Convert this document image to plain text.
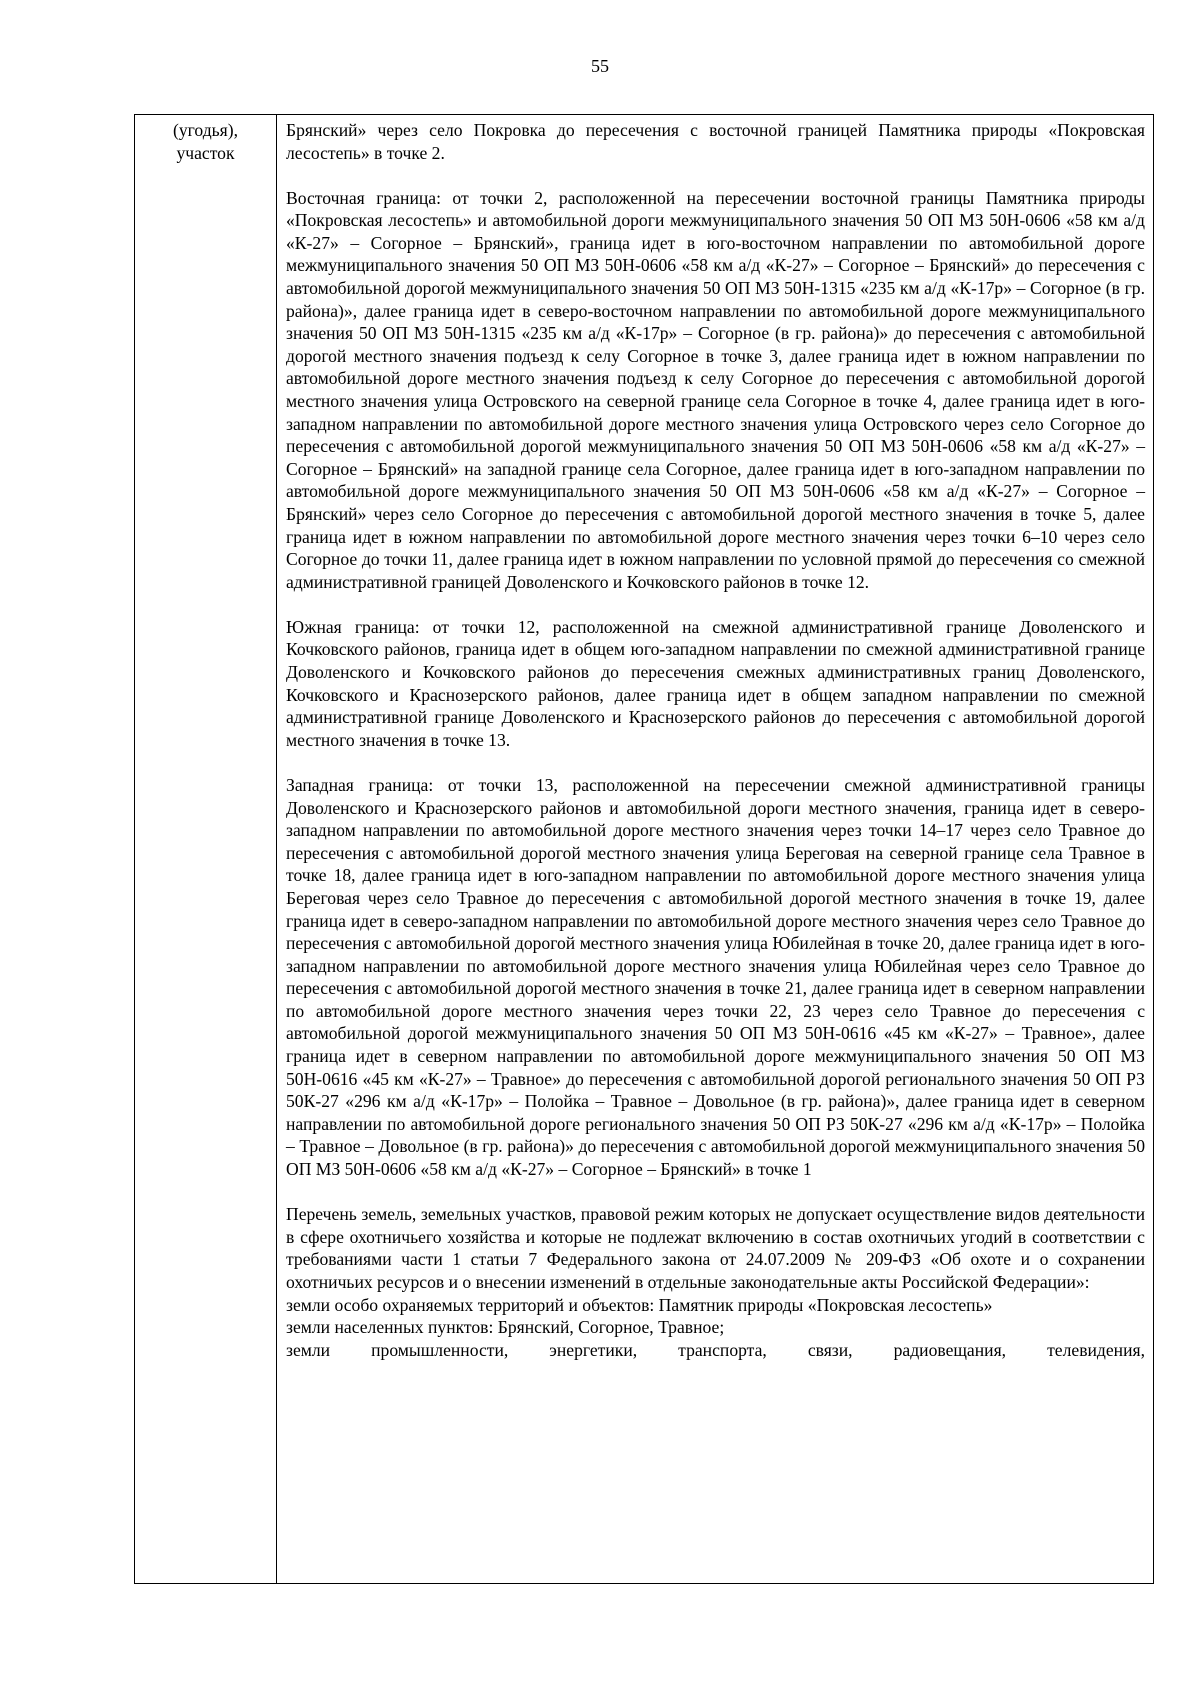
55
(угодья),
участок

Брянский» через село Покровка до пересечения с восточной границей Памятника природы «Покровская лесостепь» в точке 2.

Восточная граница: от точки 2, расположенной на пересечении восточной границы Памятника природы «Покровская лесостепь» и автомобильной дороги межмуниципального значения 50 ОП МЗ 50Н-0606 «58 км а/д «К-27» – Согорное – Брянский», граница идет в юго-восточном направлении по автомобильной дороге межмуниципального значения 50 ОП МЗ 50Н-0606 «58 км а/д «К-27» – Согорное – Брянский» до пересечения с автомобильной дорогой межмуниципального значения 50 ОП МЗ 50Н-1315 «235 км а/д «К-17р» – Согорное (в гр. района)», далее граница идет в северо-восточном направлении по автомобильной дороге межмуниципального значения 50 ОП МЗ 50Н-1315 «235 км а/д «К-17р» – Согорное (в гр. района)» до пересечения с автомобильной дорогой местного значения подъезд к селу Согорное в точке 3, далее граница идет в южном направлении по автомобильной дороге местного значения подъезд к селу Согорное до пересечения с автомобильной дорогой местного значения улица Островского на северной границе села Согорное в точке 4, далее граница идет в юго-западном направлении по автомобильной дороге местного значения улица Островского через село Согорное до пересечения с автомобильной дорогой межмуниципального значения 50 ОП МЗ 50Н-0606 «58 км а/д «К-27» – Согорное – Брянский» на западной границе села Согорное, далее граница идет в юго-западном направлении по автомобильной дороге межмуниципального значения 50 ОП МЗ 50Н-0606 «58 км а/д «К-27» – Согорное – Брянский» через село Согорное до пересечения с автомобильной дорогой местного значения в точке 5, далее граница идет в южном направлении по автомобильной дороге местного значения через точки 6–10 через село Согорное до точки 11, далее граница идет в южном направлении по условной прямой до пересечения со смежной административной границей Доволенского и Кочковского районов в точке 12.

Южная граница: от точки 12, расположенной на смежной административной границе Доволенского и Кочковского районов, граница идет в общем юго-западном направлении по смежной административной границе Доволенского и Кочковского районов до пересечения смежных административных границ Доволенского, Кочковского и Краснозерского районов, далее граница идет в общем западном направлении по смежной административной границе Доволенского и Краснозерского районов до пересечения с автомобильной дорогой местного значения в точке 13.

Западная граница: от точки 13, расположенной на пересечении смежной административной границы Доволенского и Краснозерского районов и автомобильной дороги местного значения, граница идет в северо-западном направлении по автомобильной дороге местного значения через точки 14–17 через село Травное до пересечения с автомобильной дорогой местного значения улица Береговая на северной границе села Травное в точке 18, далее граница идет в юго-западном направлении по автомобильной дороге местного значения улица Береговая через село Травное до пересечения с автомобильной дорогой местного значения в точке 19, далее граница идет в северо-западном направлении по автомобильной дороге местного значения через село Травное до пересечения с автомобильной дорогой местного значения улица Юбилейная в точке 20, далее граница идет в юго-западном направлении по автомобильной дороге местного значения улица Юбилейная через село Травное до пересечения с автомобильной дорогой местного значения в точке 21, далее граница идет в северном направлении по автомобильной дороге местного значения через точки 22, 23 через село Травное до пересечения с автомобильной дорогой межмуниципального значения 50 ОП МЗ 50Н-0616 «45 км «К-27» – Травное», далее граница идет в северном направлении по автомобильной дороге межмуниципального значения 50 ОП МЗ 50Н-0616 «45 км «К-27» – Травное» до пересечения с автомобильной дорогой регионального значения 50 ОП РЗ 50К-27 «296 км а/д «К-17р» – Полойка – Травное – Довольное (в гр. района)», далее граница идет в северном направлении по автомобильной дороге регионального значения 50 ОП РЗ 50К-27 «296 км а/д «К-17р» – Полойка – Травное – Довольное (в гр. района)» до пересечения с автомобильной дорогой межмуниципального значения 50 ОП МЗ 50Н-0606 «58 км а/д «К-27» – Согорное – Брянский» в точке 1

Перечень земель, земельных участков, правовой режим которых не допускает осуществление видов деятельности в сфере охотничьего хозяйства и которые не подлежат включению в состав охотничьих угодий в соответствии с требованиями части 1 статьи 7 Федерального закона от 24.07.2009 № 209-ФЗ «Об охоте и о сохранении охотничьих ресурсов и о внесении изменений в отдельные законодательные акты Российской Федерации»:
земли особо охраняемых территорий и объектов: Памятник природы «Покровская лесостепь»
земли населенных пунктов: Брянский, Согорное, Травное;
земли промышленности, энергетики, транспорта, связи, радиовещания, телевидения,
